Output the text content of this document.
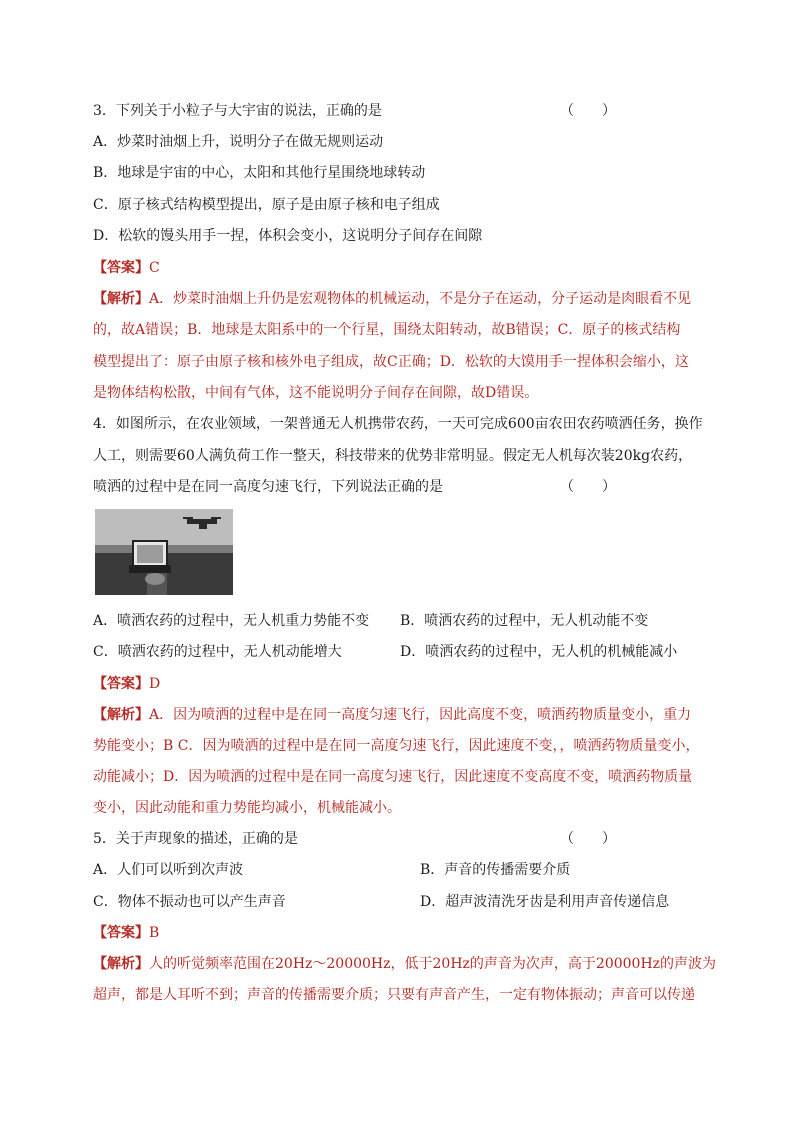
3．下列关于小粒子与大宇宙的说法，正确的是	（　　）
A．炒菜时油烟上升，说明分子在做无规则运动
B．地球是宇宙的中心，太阳和其他行星围绕地球转动
C．原子核式结构模型提出，原子是由原子核和电子组成
D．松软的馒头用手一捏，体积会变小，这说明分子间存在间隙
【答案】C
【解析】A．炒菜时油烟上升仍是宏观物体的机械运动，不是分子在运动，分子运动是肉眼看不见
的，故A错误；B．地球是太阳系中的一个行星，围绕太阳转动，故B错误；C．原子的核式结构
模型提出了：原子由原子核和核外电子组成，故C正确；D．松软的大馍用手一捏体积会缩小，这
是物体结构松散，中间有气体，这不能说明分子间存在间隙，故D错误。
4．如图所示，在农业领域，一架普通无人机携带农药，一天可完成600亩农田农药喷洒任务，换作
人工，则需要60人满负荷工作一整天，科技带来的优势非常明显。假定无人机每次装20kg农药，
喷洒的过程中是在同一高度匀速飞行，下列说法正确的是	（　　）
A．喷洒农药的过程中，无人机重力势能不变 B．喷洒农药的过程中，无人机动能不变
C．喷洒农药的过程中，无人机动能增大	D．喷洒农药的过程中，无人机的机械能减小
【答案】D
【解析】A．因为喷洒的过程中是在同一高度匀速飞行，因此高度不变，喷洒药物质量变小，重力
势能变小；B C．因为喷洒的过程中是在同一高度匀速飞行，因此速度不变，，喷洒药物质量变小，
动能减小；D．因为喷洒的过程中是在同一高度匀速飞行，因此速度不变高度不变，喷洒药物质量
变小，因此动能和重力势能均减小，机械能减小。
5．关于声现象的描述，正确的是	（　　）
A．人们可以听到次声波	B．声音的传播需要介质
C．物体不振动也可以产生声音	D．超声波清洗牙齿是利用声音传递信息
【答案】B
【解析】人的听觉频率范围在20Hz～20000Hz，低于20Hz的声音为次声，高于20000Hz的声波为
超声，都是人耳听不到；声音的传播需要介质；只要有声音产生，一定有物体振动；声音可以传递
